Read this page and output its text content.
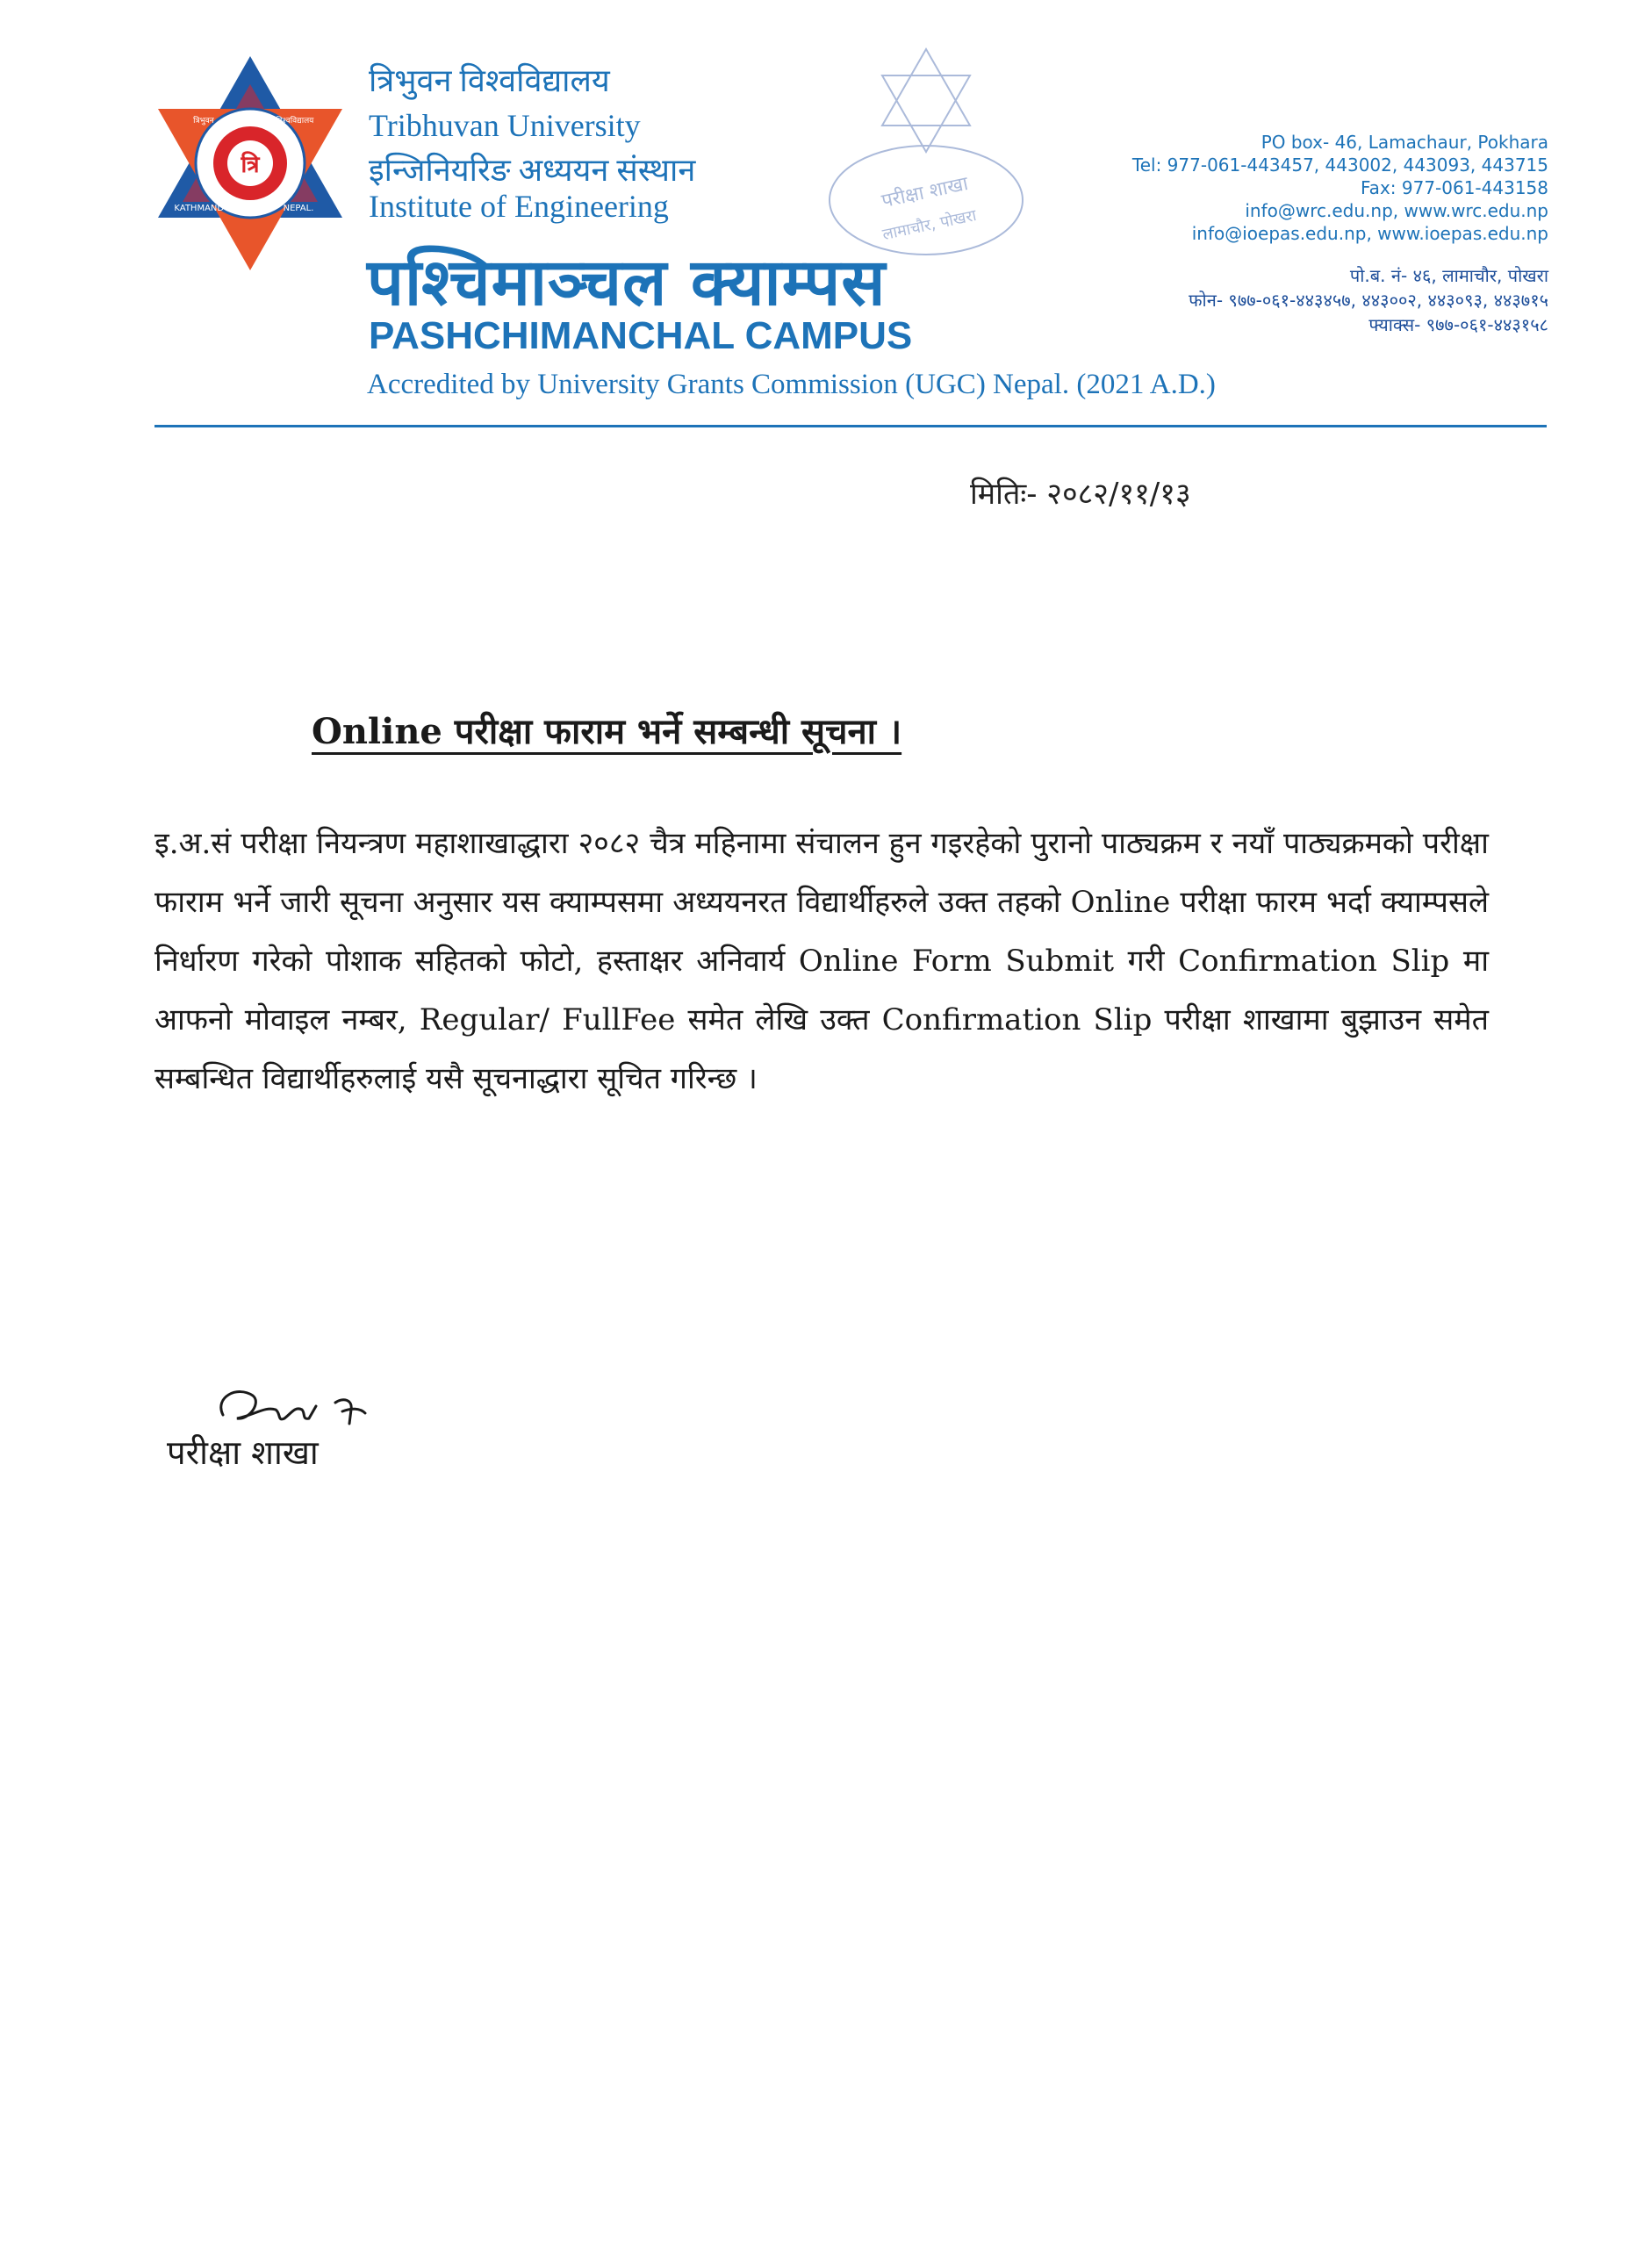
त्रि
त्रिभुवन	विश्वविद्यालय
KATHMANDU,	NEPAL.
त्रिभुवन विश्वविद्यालय
Tribhuvan University
इन्जिनियरिङ अध्ययन संस्थान
Institute of Engineering
पश्चिमाञ्चल क्याम्पस
PASHCHIMANCHAL CAMPUS
Accredited by University Grants Commission (UGC) Nepal. (2021 A.D.)
परीक्षा शाखा
लामाचौर, पोखरा
PO box- 46, Lamachaur, Pokhara
Tel: 977-061-443457, 443002, 443093, 443715
Fax: 977-061-443158
info@wrc.edu.np, www.wrc.edu.np
info@ioepas.edu.np, www.ioepas.edu.np
पो.ब. नं- ४६, लामाचौर, पोखरा
फोन- ९७७-०६१-४४३४५७, ४४३००२, ४४३०९३, ४४३७१५
फ्याक्स- ९७७-०६१-४४३१५८
मितिः- २०८२/११/१३
Online परीक्षा फाराम भर्ने सम्बन्धी सूचना ।
इ.अ.सं परीक्षा नियन्त्रण महाशाखाद्धारा २०८२ चैत्र महिनामा संचालन हुन गइरहेको पुरानो पाठ्यक्रम र नयाँ पाठ्यक्रमको परीक्षा फाराम भर्ने जारी सूचना अनुसार यस क्याम्पसमा अध्ययनरत विद्यार्थीहरुले उक्त तहको Online परीक्षा फारम भर्दा क्याम्पसले निर्धारण गरेको पोशाक सहितको फोटो, हस्ताक्षर अनिवार्य Online Form Submit गरी Confirmation Slip मा आफनो मोवाइल नम्बर, Regular/ FullFee समेत लेखि उक्त Confirmation Slip परीक्षा शाखामा बुझाउन समेत सम्बन्धित विद्यार्थीहरुलाई यसै सूचनाद्धारा सूचित गरिन्छ ।
परीक्षा शाखा
